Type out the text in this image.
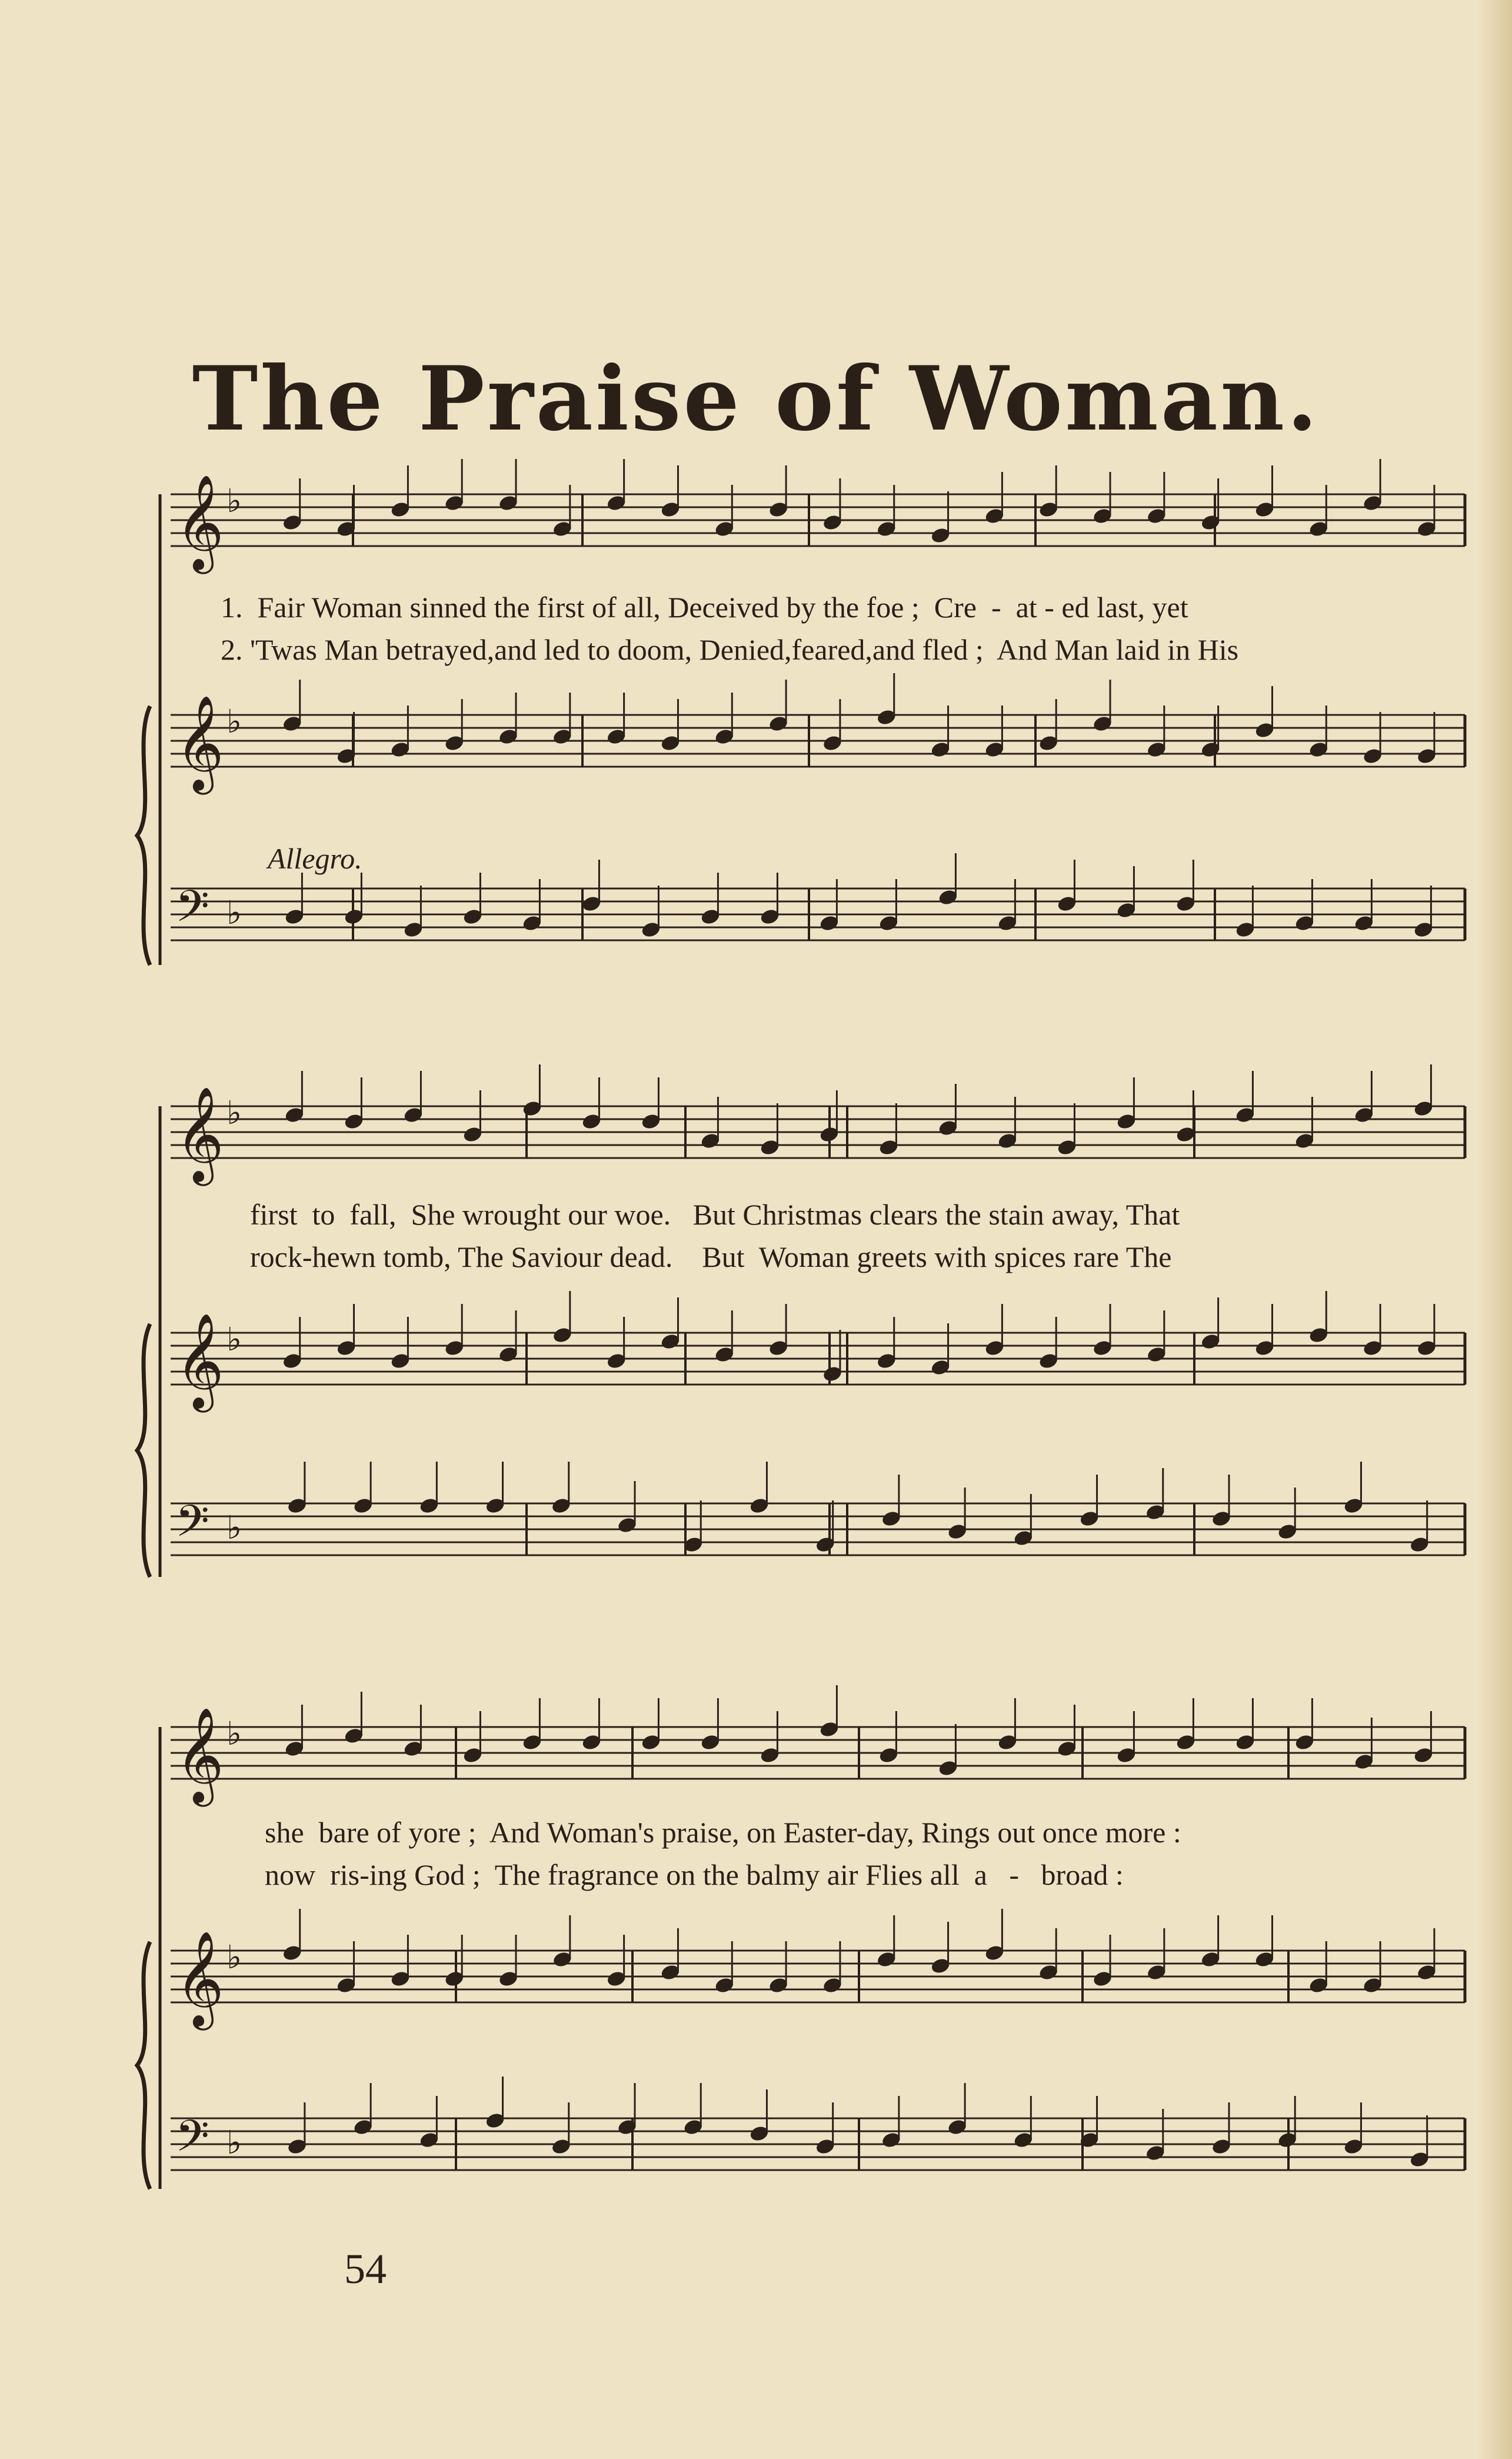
The Praise of Woman.
𝄞 ♭
𝄞 ♭
𝄢 ♭
𝄞 ♭
𝄞 ♭
𝄢 ♭
𝄞 ♭
𝄞 ♭
𝄢 ♭
Allegro.
1.  Fair Woman sinned the first of all, Deceived by the foe ;  Cre  -  at - ed last, yet
2. 'Twas Man betrayed,and led to doom, Denied,feared,and fled ;  And Man laid in His
first  to  fall,  She wrought our woe.   But Christmas clears the stain away, That
rock-hewn tomb, The Saviour dead.    But  Woman greets with spices rare The
she  bare of yore ;  And Woman's praise, on Easter-day, Rings out once more :
now  ris-ing God ;  The fragrance on the balmy air Flies all  a   -   broad :
54
